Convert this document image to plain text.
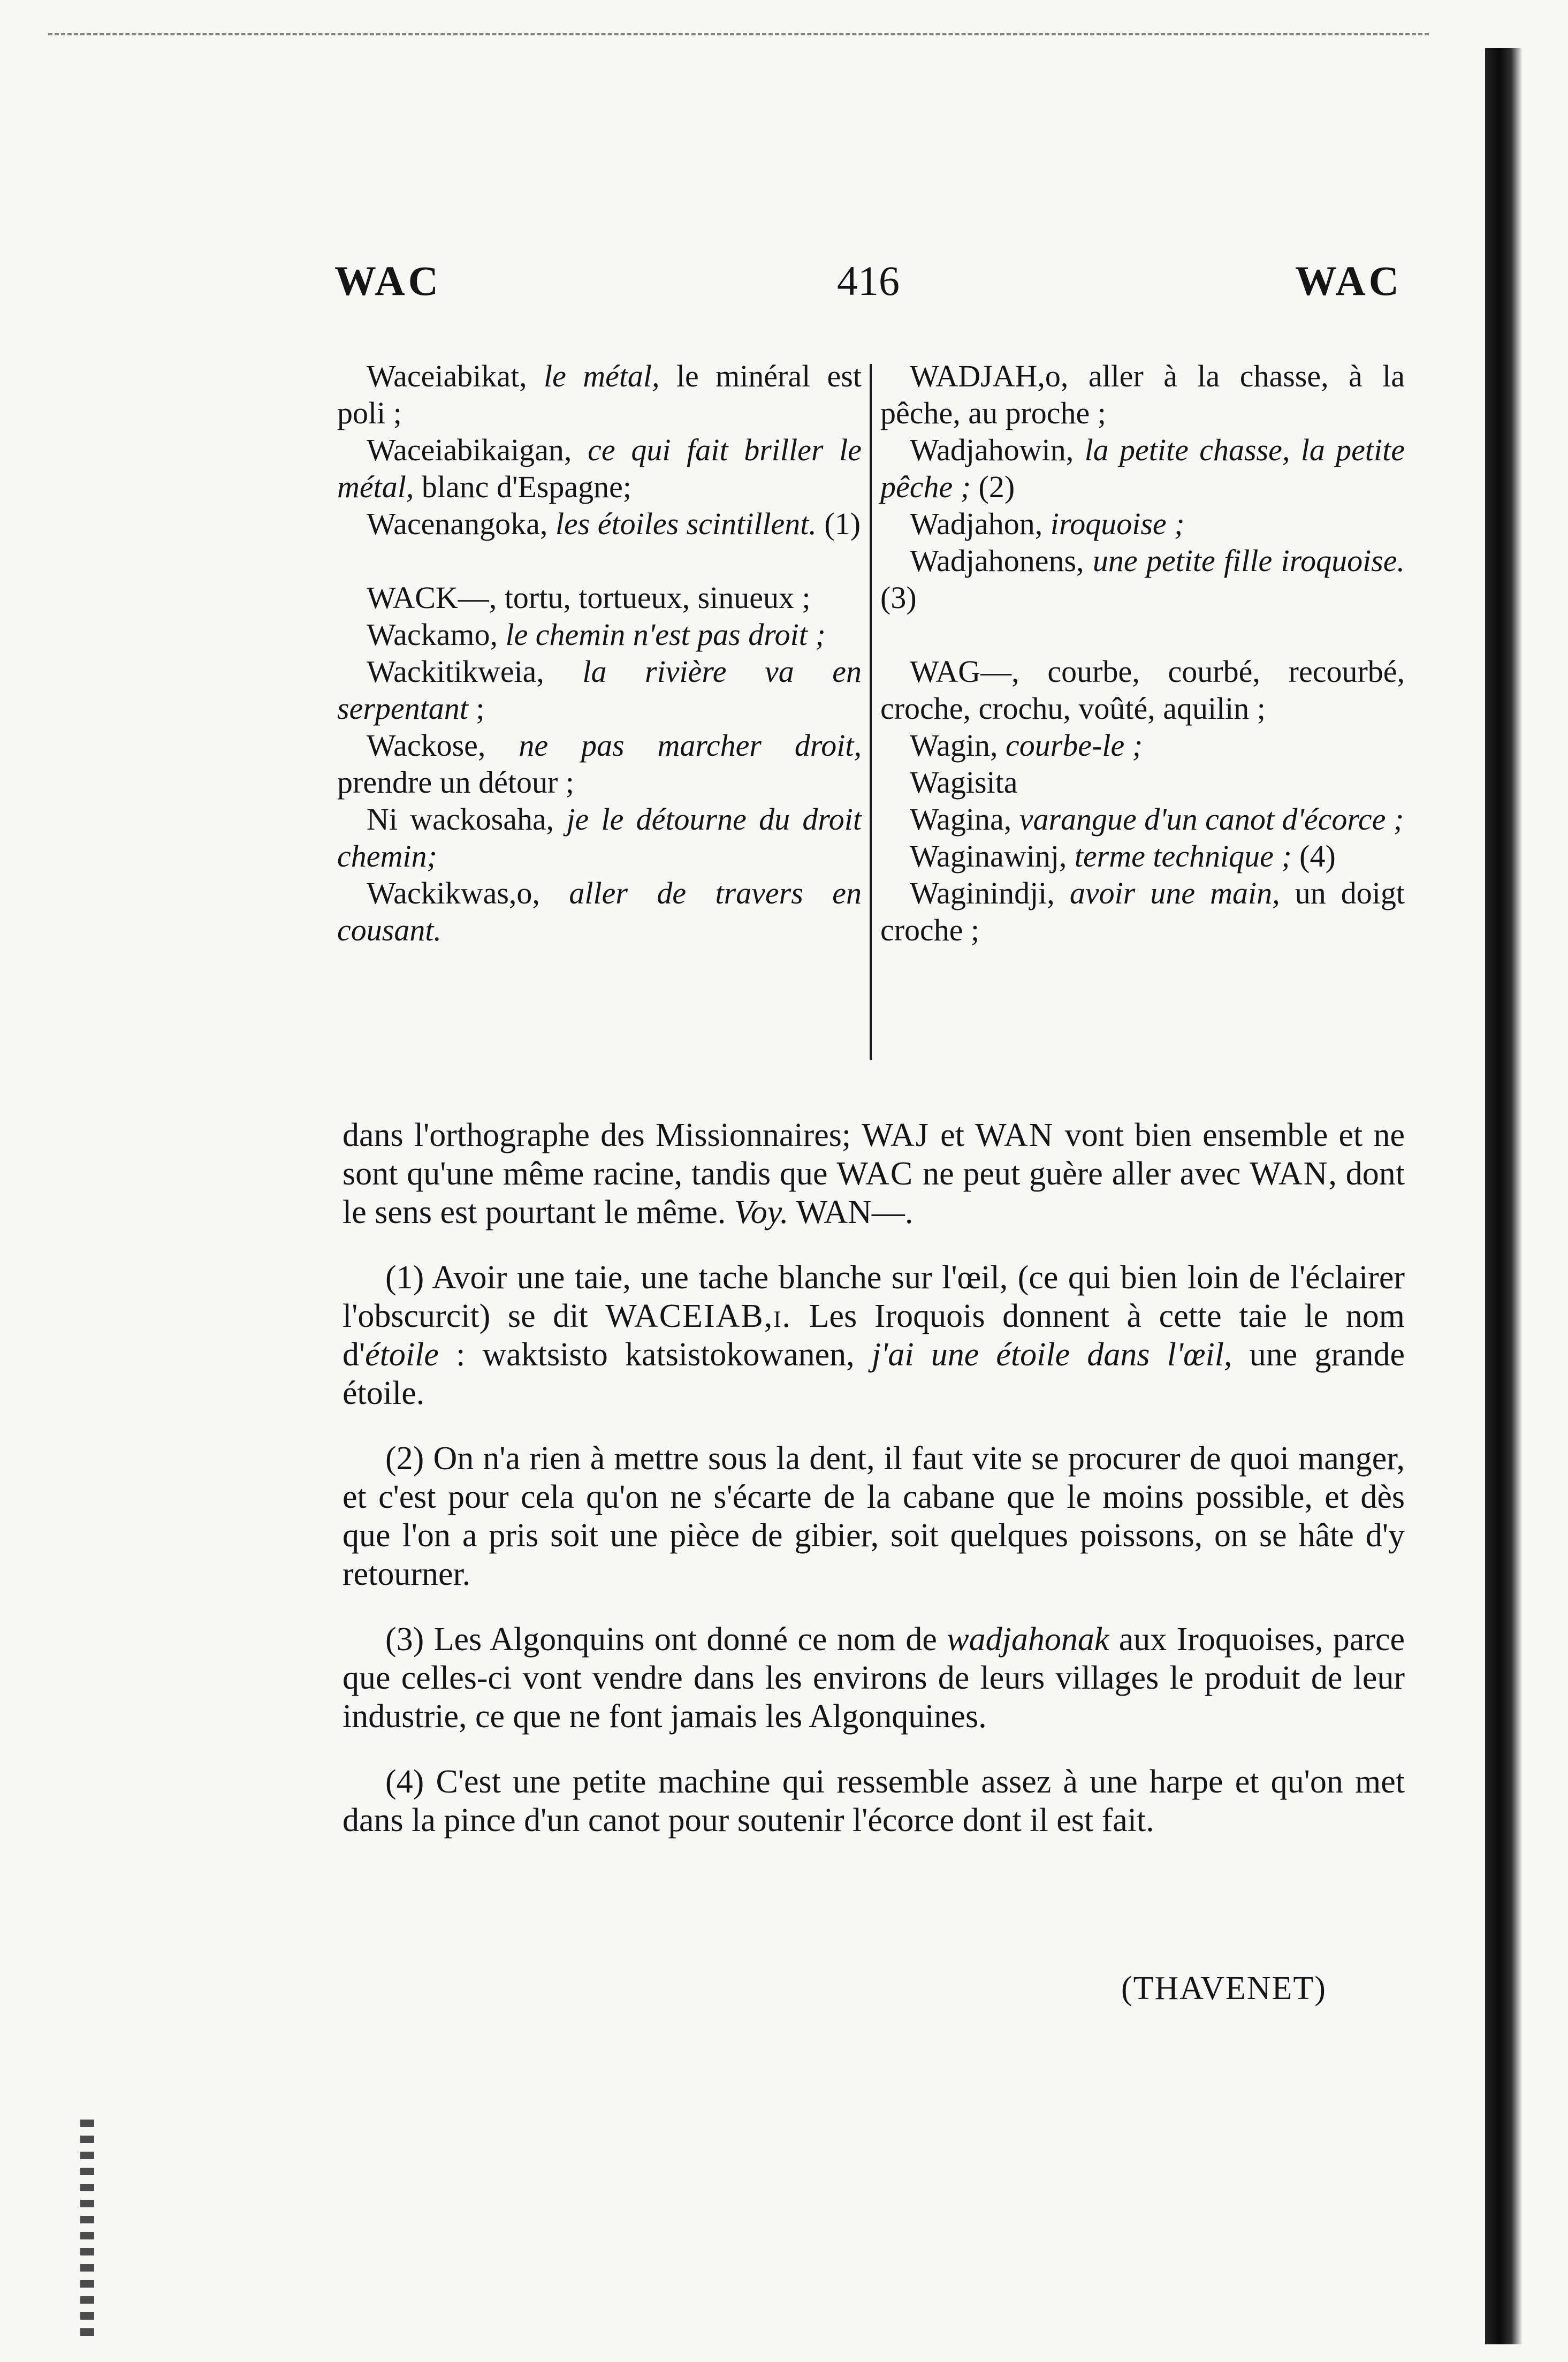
WAC	416	WAC
Waceiabikat, le métal, le minéral est poli ;
Waceiabikaigan, ce qui fait briller le métal, blanc d'Espagne;
Wacenangoka, les étoiles scintillent. (1)
WACK—, tortu, tortueux, sinueux ;
Wackamo, le chemin n'est pas droit ;
Wackitikweia, la rivière va en serpentant ;
Wackose, ne pas marcher droit, prendre un détour ;
Ni wackosaha, je le détourne du droit chemin;
Wackikwas,o, aller de travers en cousant.
WADJAH,o, aller à la chasse, à la pêche, au proche ;
Wadjahowin, la petite chasse, la petite pêche ; (2)
Wadjahon, iroquoise ;
Wadjahonens, une petite fille iroquoise. (3)
WAG—, courbe, courbé, recourbé, croche, crochu, voûté, aquilin ;
Wagin, courbe-le ;
Wagisita
Wagina, varangue d'un canot d'écorce ;
Waginawinj, terme technique ; (4)
Waginindji, avoir une main, un doigt croche ;

dans l'orthographe des Missionnaires; WAJ et WAN vont bien ensemble et ne sont qu'une même racine, tandis que WAC ne peut guère aller avec WAN, dont le sens est pourtant le même. Voy. WAN—.

(1) Avoir une taie, une tache blanche sur l'œil, (ce qui bien loin de l'éclairer l'obscurcit) se dit WACEIAB,i. Les Iroquois donnent à cette taie le nom d'étoile : waktsisto katsistokowanen, j'ai une étoile dans l'œil, une grande étoile.

(2) On n'a rien à mettre sous la dent, il faut vite se procurer de quoi manger, et c'est pour cela qu'on ne s'écarte de la cabane que le moins possible, et dès que l'on a pris soit une pièce de gibier, soit quelques poissons, on se hâte d'y retourner.

(3) Les Algonquins ont donné ce nom de wadjahonak aux Iroquoises, parce que celles-ci vont vendre dans les environs de leurs villages le produit de leur industrie, ce que ne font jamais les Algonquines.

(4) C'est une petite machine qui ressemble assez à une harpe et qu'on met dans la pince d'un canot pour soutenir l'écorce dont il est fait.

(THAVENET)
